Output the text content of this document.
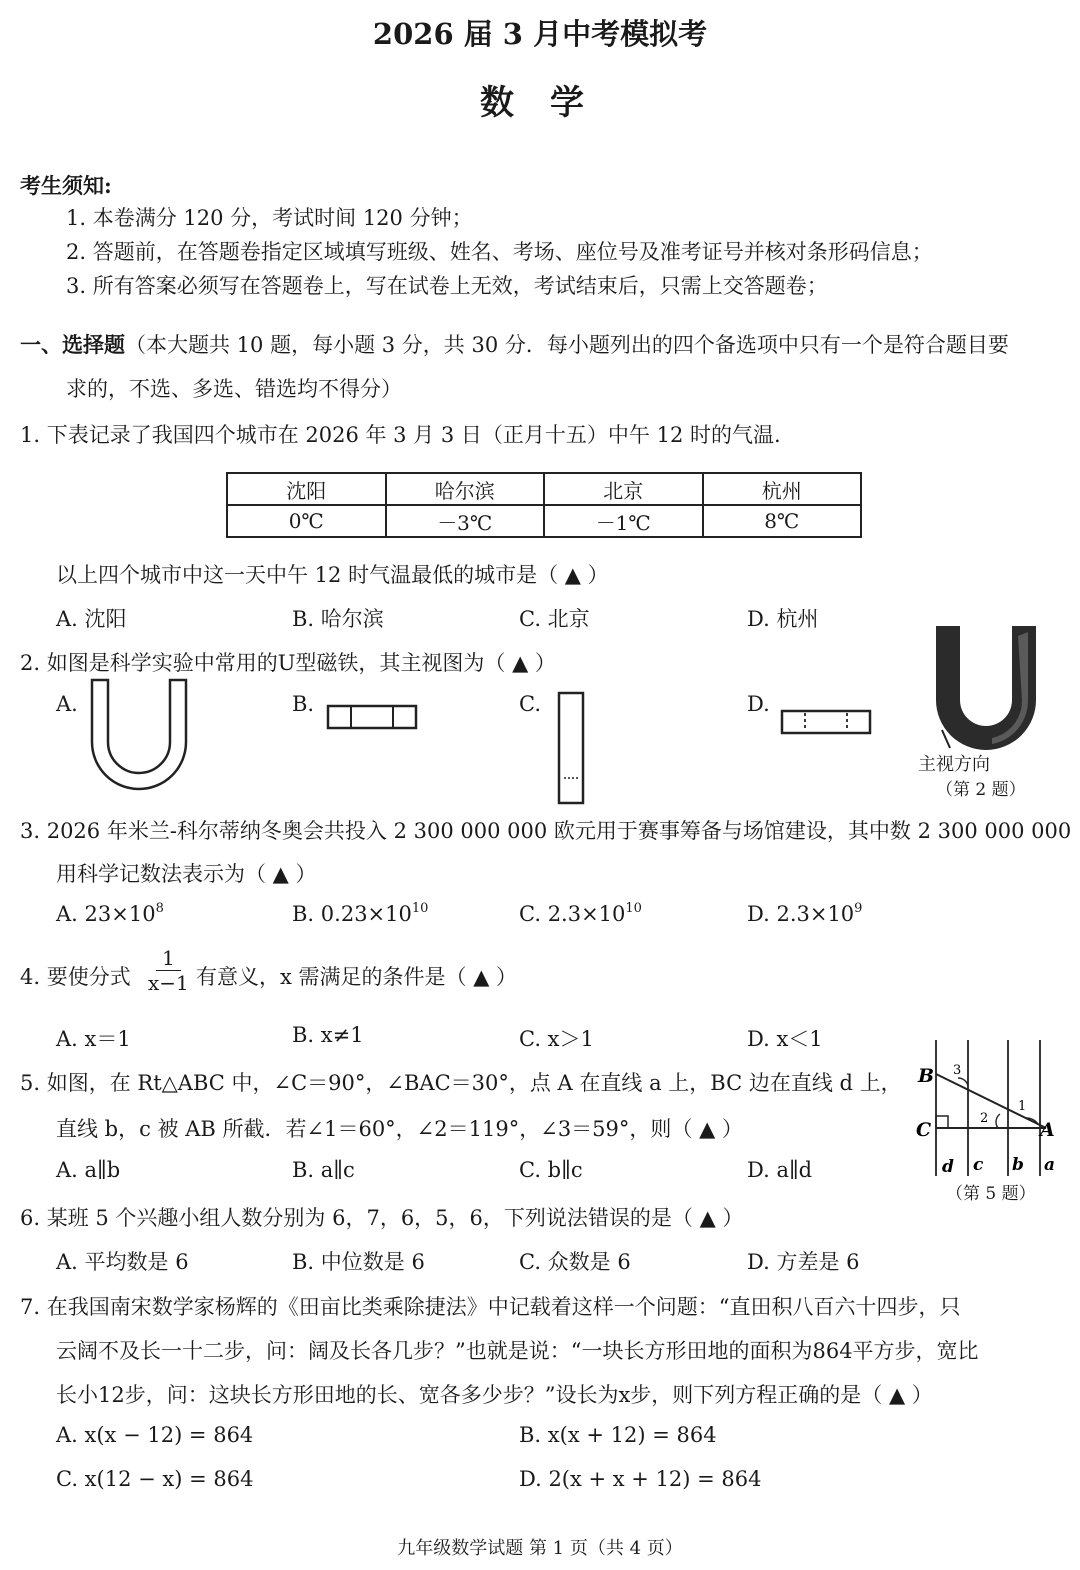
2026 届 3 月中考模拟考
数学
考生须知:
1. 本卷满分 120 分，考试时间 120 分钟；
2. 答题前，在答题卷指定区域填写班级、姓名、考场、座位号及准考证号并核对条形码信息；
3. 所有答案必须写在答题卷上，写在试卷上无效，考试结束后，只需上交答题卷；
一、选择题（本大题共 10 题，每小题 3 分，共 30 分．每小题列出的四个备选项中只有一个是符合题目要
求的，不选、多选、错选均不得分）
1. 下表记录了我国四个城市在 2026 年 3 月 3 日（正月十五）中午 12 时的气温.
沈阳	哈尔滨	北京	杭州
0℃	－3℃	－1℃	8℃
以上四个城市中这一天中午 12 时气温最低的城市是（ ▲ ）
A. 沈阳	B. 哈尔滨	C. 北京	D. 杭州
2. 如图是科学实验中常用的U型磁铁，其主视图为（ ▲ ）
A.	B.	C.	D.
主视方向
（第 2 题）
3. 2026 年米兰-科尔蒂纳冬奥会共投入 2 300 000 000 欧元用于赛事筹备与场馆建设，其中数 2 300 000 000
用科学记数法表示为（ ▲ ）
A. $23\times 10^8$	B. $0.23\times 10^{10}$	C. $2.3\times 10^{10}$	D. $2.3\times 10^9$
4. 要使分式 $\frac{1}{x-1}$ 有意义，x 需满足的条件是（ ▲ ）
A. x＝1	B. x≠1	C. x＞1	D. x＜1
5. 如图，在 Rt△ABC 中，∠C＝90°，∠BAC＝30°，点 A 在直线 a 上，BC 边在直线 d 上，
直线 b，c 被 AB 所截．若∠1＝60°，∠2＝119°，∠3＝59°，则（ ▲ ）
A. a∥b	B. a∥c	C. b∥c	D. a∥d
B
C	A
3
2
1
d c b a
（第 5 题）
6. 某班 5 个兴趣小组人数分别为 6，7，6，5，6，下列说法错误的是（ ▲ ）
A. 平均数是 6	B. 中位数是 6	C. 众数是 6	D. 方差是 6
7. 在我国南宋数学家杨辉的《田亩比类乘除捷法》中记载着这样一个问题：“直田积八百六十四步，只
云阔不及长一十二步，问：阔及长各几步？”也就是说：“一块长方形田地的面积为864平方步，宽比
长小12步，问：这块长方形田地的长、宽各多少步？”设长为x步，则下列方程正确的是（ ▲ ）
A. x(x − 12) = 864	B. x(x + 12) = 864
C. x(12 − x) = 864	D. 2(x + x + 12) = 864
九年级数学试题 第 1 页（共 4 页）
